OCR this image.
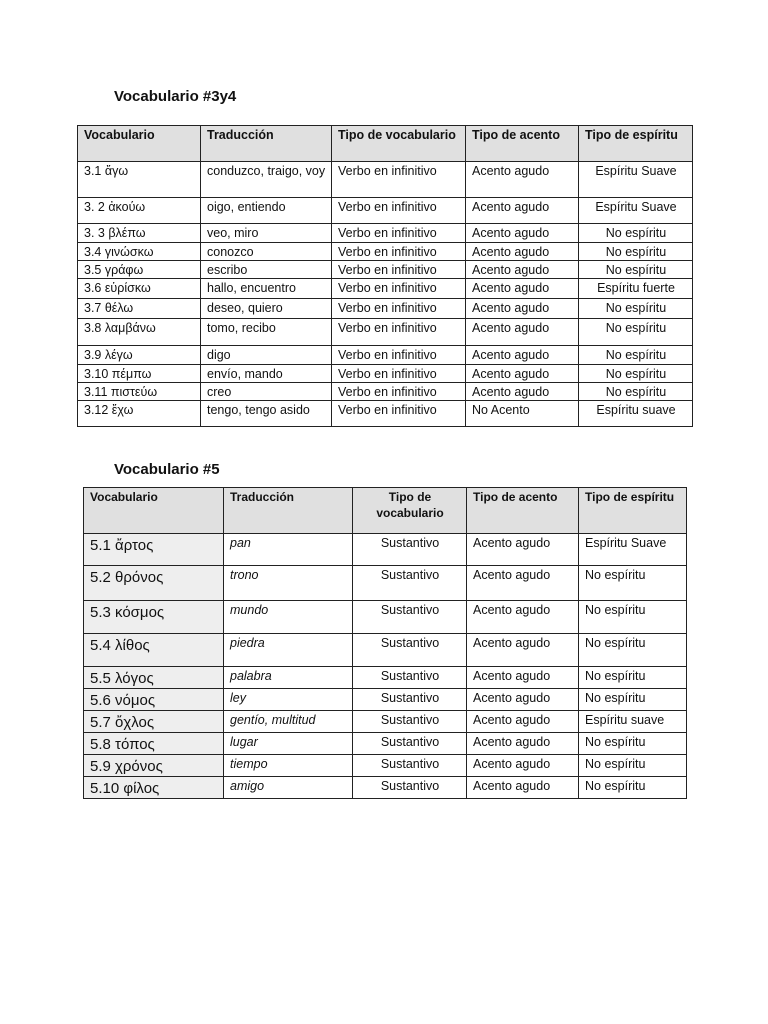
Vocabulario #3y4
Vocabulario	Traducción	Tipo de vocabulario	Tipo de acento	Tipo de espíritu
3.1 ἄγω	conduzco, traigo, voy	Verbo en infinitivo	Acento agudo	Espíritu Suave
3. 2 ἀκούω	oigo, entiendo	Verbo en infinitivo	Acento agudo	Espíritu Suave
3. 3 βλέπω	veo, miro	Verbo en infinitivo	Acento agudo	No espíritu
3.4 γινώσκω	conozco	Verbo en infinitivo	Acento agudo	No espíritu
3.5 γράφω	escribo	Verbo en infinitivo	Acento agudo	No espíritu
3.6 εὑρίσκω	hallo, encuentro	Verbo en infinitivo	Acento agudo	Espíritu fuerte
3.7 θέλω	deseo, quiero	Verbo en infinitivo	Acento agudo	No espíritu
3.8 λαμβάνω	tomo, recibo	Verbo en infinitivo	Acento agudo	No espíritu
3.9 λέγω	digo	Verbo en infinitivo	Acento agudo	No espíritu
3.10 πέμπω	envío, mando	Verbo en infinitivo	Acento agudo	No espíritu
3.11 πιστεύω	creo	Verbo en infinitivo	Acento agudo	No espíritu
3.12 ἔχω	tengo, tengo asido	Verbo en infinitivo	No Acento	Espíritu suave
Vocabulario #5
Vocabulario	Traducción	Tipo de vocabulario	Tipo de acento	Tipo de espíritu
5.1 ἄρτος	pan	Sustantivo	Acento agudo	Espíritu Suave
5.2 θρόνος	trono	Sustantivo	Acento agudo	No espíritu
5.3 κόσμος	mundo	Sustantivo	Acento agudo	No espíritu
5.4 λίθος	piedra	Sustantivo	Acento agudo	No espíritu
5.5 λόγος	palabra	Sustantivo	Acento agudo	No espíritu
5.6 νόμος	ley	Sustantivo	Acento agudo	No espíritu
5.7 ὄχλος	gentío, multitud	Sustantivo	Acento agudo	Espíritu suave
5.8 τόπος	lugar	Sustantivo	Acento agudo	No espíritu
5.9 χρόνος	tiempo	Sustantivo	Acento agudo	No espíritu
5.10 φίλος	amigo	Sustantivo	Acento agudo	No espíritu
